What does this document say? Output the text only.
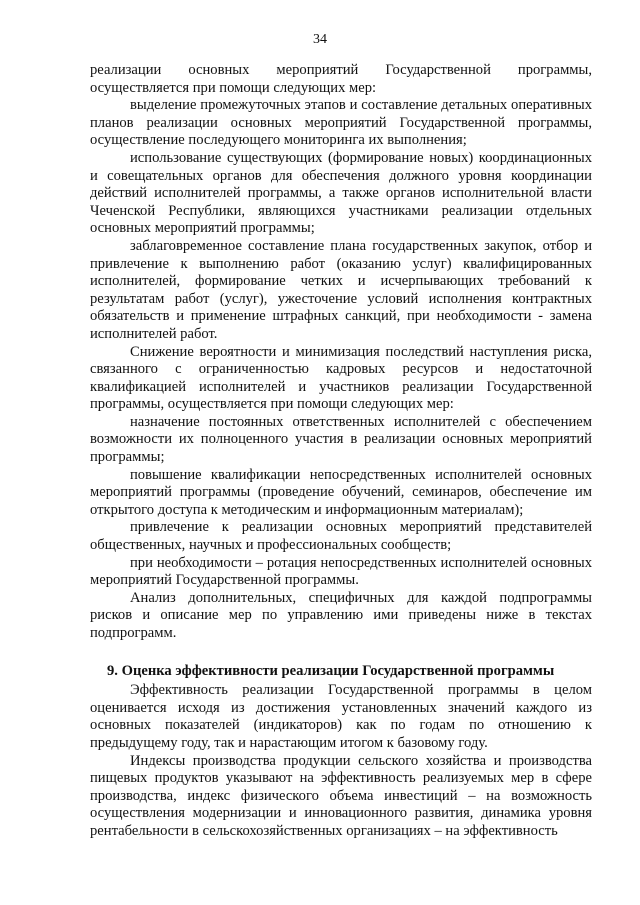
34

реализации основных мероприятий Государственной программы, осуществляется при помощи следующих мер:

выделение промежуточных этапов и составление детальных оперативных планов реализации основных мероприятий Государственной программы, осуществление последующего мониторинга их выполнения;

использование существующих (формирование новых) координационных и совещательных органов для обеспечения должного уровня координации действий исполнителей программы, а также органов исполнительной власти Чеченской Республики, являющихся участниками реализации отдельных основных мероприятий программы;

заблаговременное составление плана государственных закупок, отбор и привлечение к выполнению работ (оказанию услуг) квалифицированных исполнителей, формирование четких и исчерпывающих требований к результатам работ (услуг), ужесточение условий исполнения контрактных обязательств и применение штрафных санкций, при необходимости - замена исполнителей работ.

Снижение вероятности и минимизация последствий наступления риска, связанного с ограниченностью кадровых ресурсов и недостаточной квалификацией исполнителей и участников реализации Государственной программы, осуществляется при помощи следующих мер:

назначение постоянных ответственных исполнителей с обеспечением возможности их полноценного участия в реализации основных мероприятий программы;

повышение квалификации непосредственных исполнителей основных мероприятий программы (проведение обучений, семинаров, обеспечение им открытого доступа к методическим и информационным материалам);

привлечение к реализации основных мероприятий представителей общественных, научных и профессиональных сообществ;

при необходимости – ротация непосредственных исполнителей основных мероприятий Государственной программы.

Анализ дополнительных, специфичных для каждой подпрограммы рисков и описание мер по управлению ими приведены ниже в текстах подпрограмм.

9. Оценка эффективности реализации Государственной программы

Эффективность реализации Государственной программы в целом оценивается исходя из достижения установленных значений каждого из основных показателей (индикаторов) как по годам по отношению к предыдущему году, так и нарастающим итогом к базовому году.

Индексы производства продукции сельского хозяйства и производства пищевых продуктов указывают на эффективность реализуемых мер в сфере производства, индекс физического объема инвестиций – на возможность осуществления модернизации и инновационного развития, динамика уровня рентабельности в сельскохозяйственных организациях – на эффективность
